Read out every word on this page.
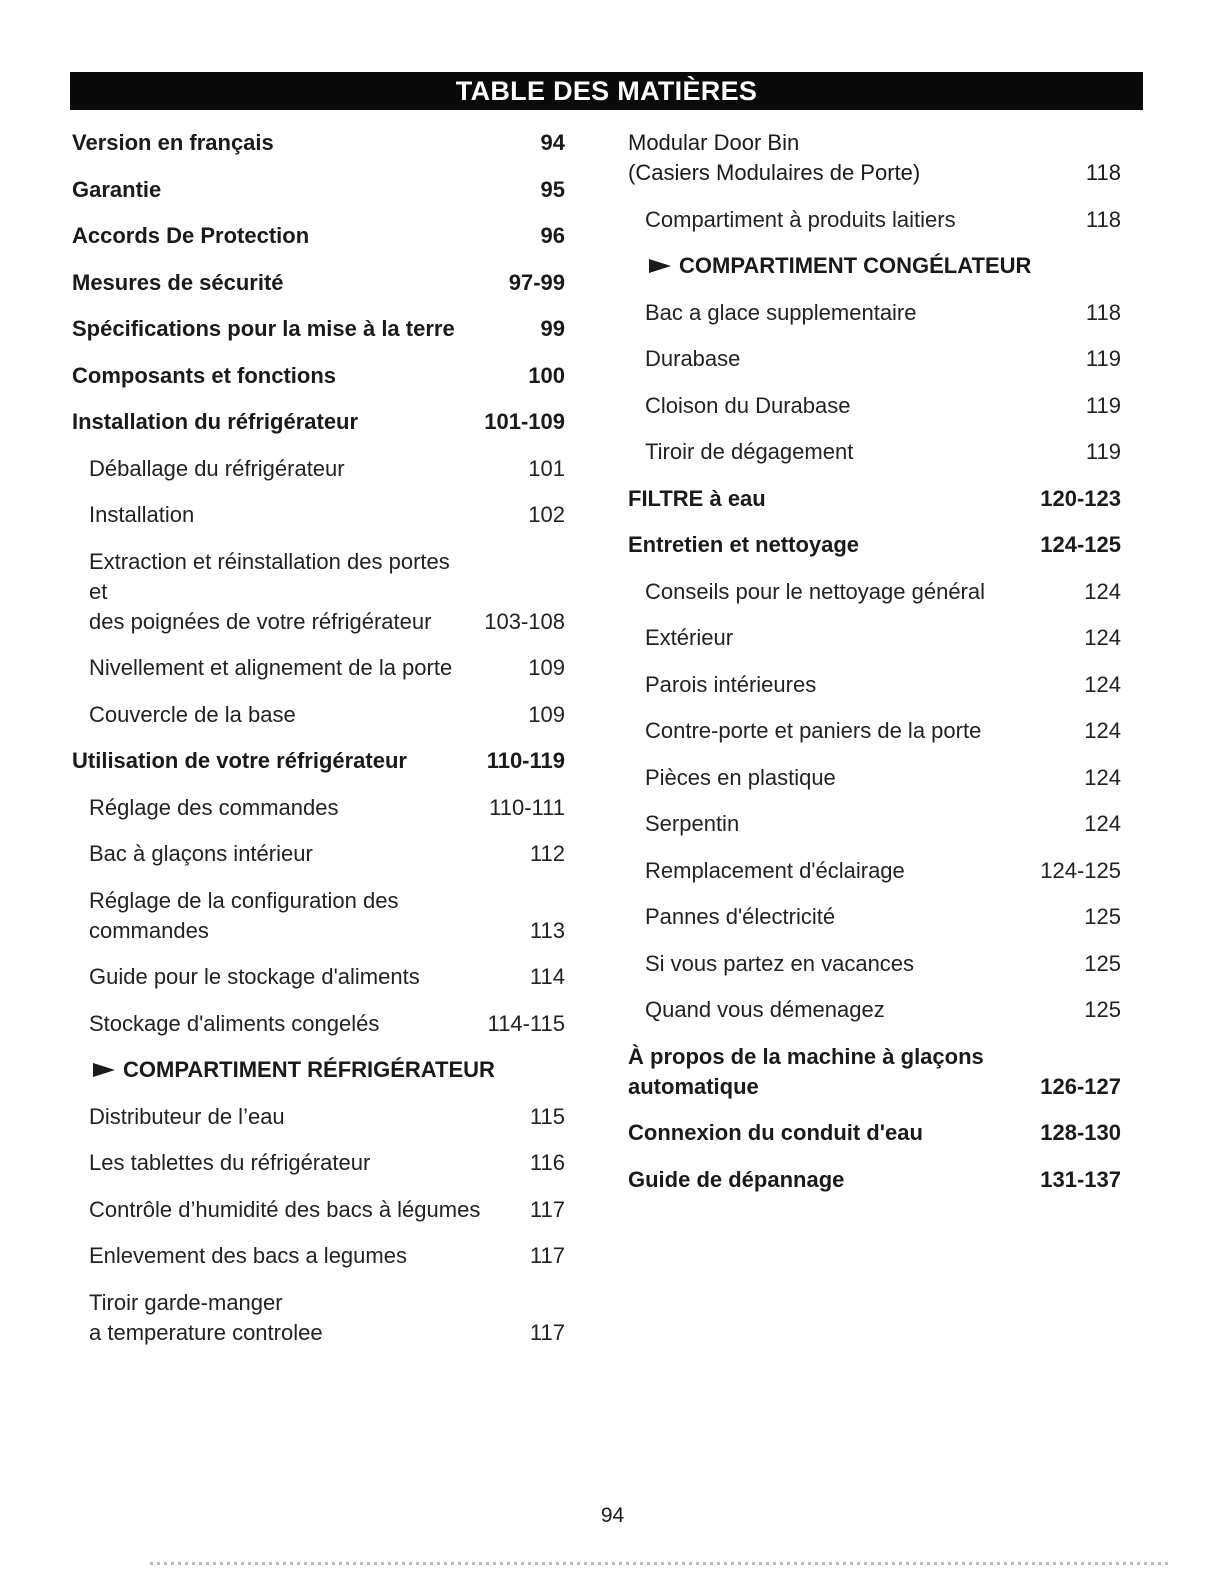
TABLE DES MATIÈRES
Version en français	94
Garantie	95
Accords De Protection	96
Mesures de sécurité	97-99
Spécifications pour la mise à la terre	99
Composants et fonctions	100
Installation du réfrigérateur	101-109
Déballage du réfrigérateur	101
Installation	102
Extraction et réinstallation des portes et
des poignées de votre réfrigérateur	103-108
Nivellement et alignement de la porte	109
Couvercle de la base	109
Utilisation de votre réfrigérateur	110-119
Réglage des commandes	110-111
Bac à glaçons intérieur	112
Réglage de la configuration des
commandes	113
Guide pour le stockage d'aliments	114
Stockage d'aliments congelés	114-115
COMPARTIMENT RÉFRIGÉRATEUR
Distributeur de l’eau	115
Les tablettes du réfrigérateur	116
Contrôle d’humidité des bacs à légumes	117
Enlevement des bacs a legumes	117
Tiroir garde-manger
a temperature controlee	117
Modular Door Bin
(Casiers Modulaires de Porte)	118
Compartiment à produits laitiers	118
COMPARTIMENT CONGÉLATEUR
Bac a glace supplementaire	118
Durabase	119
Cloison du Durabase	119
Tiroir de dégagement	119
FILTRE à eau	120-123
Entretien et nettoyage	124-125
Conseils pour le nettoyage général	124
Extérieur	124
Parois intérieures	124
Contre-porte et paniers de la porte	124
Pièces en plastique	124
Serpentin	124
Remplacement d'éclairage	124-125
Pannes d'électricité	125
Si vous partez en vacances	125
Quand vous démenagez	125
À propos de la machine à glaçons
automatique	126-127
Connexion du conduit d'eau	128-130
Guide de dépannage	131-137
94
